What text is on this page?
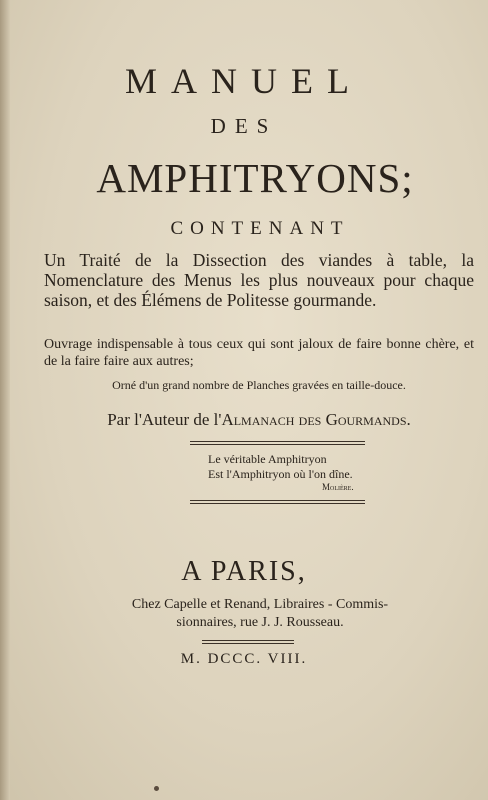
MANUEL
DES
AMPHITRYONS;
CONTENANT
Un Traité de la Dissection des viandes à table, la Nomenclature des Menus les plus nouveaux pour chaque saison, et des Élémens de Politesse gourmande.
Ouvrage indispensable à tous ceux qui sont jaloux de faire bonne chère, et de la faire faire aux autres;
Orné d'un grand nombre de Planches gravées en taille-douce.
Par l'Auteur de l'Almanach des Gourmands.
Le véritable Amphitryon
Est l'Amphitryon où l'on dîne.
Molière.
A PARIS,
Chez Capelle et Renand, Libraires - Commis-
sionnaires, rue J. J. Rousseau.
M. DCCC. VIII.
